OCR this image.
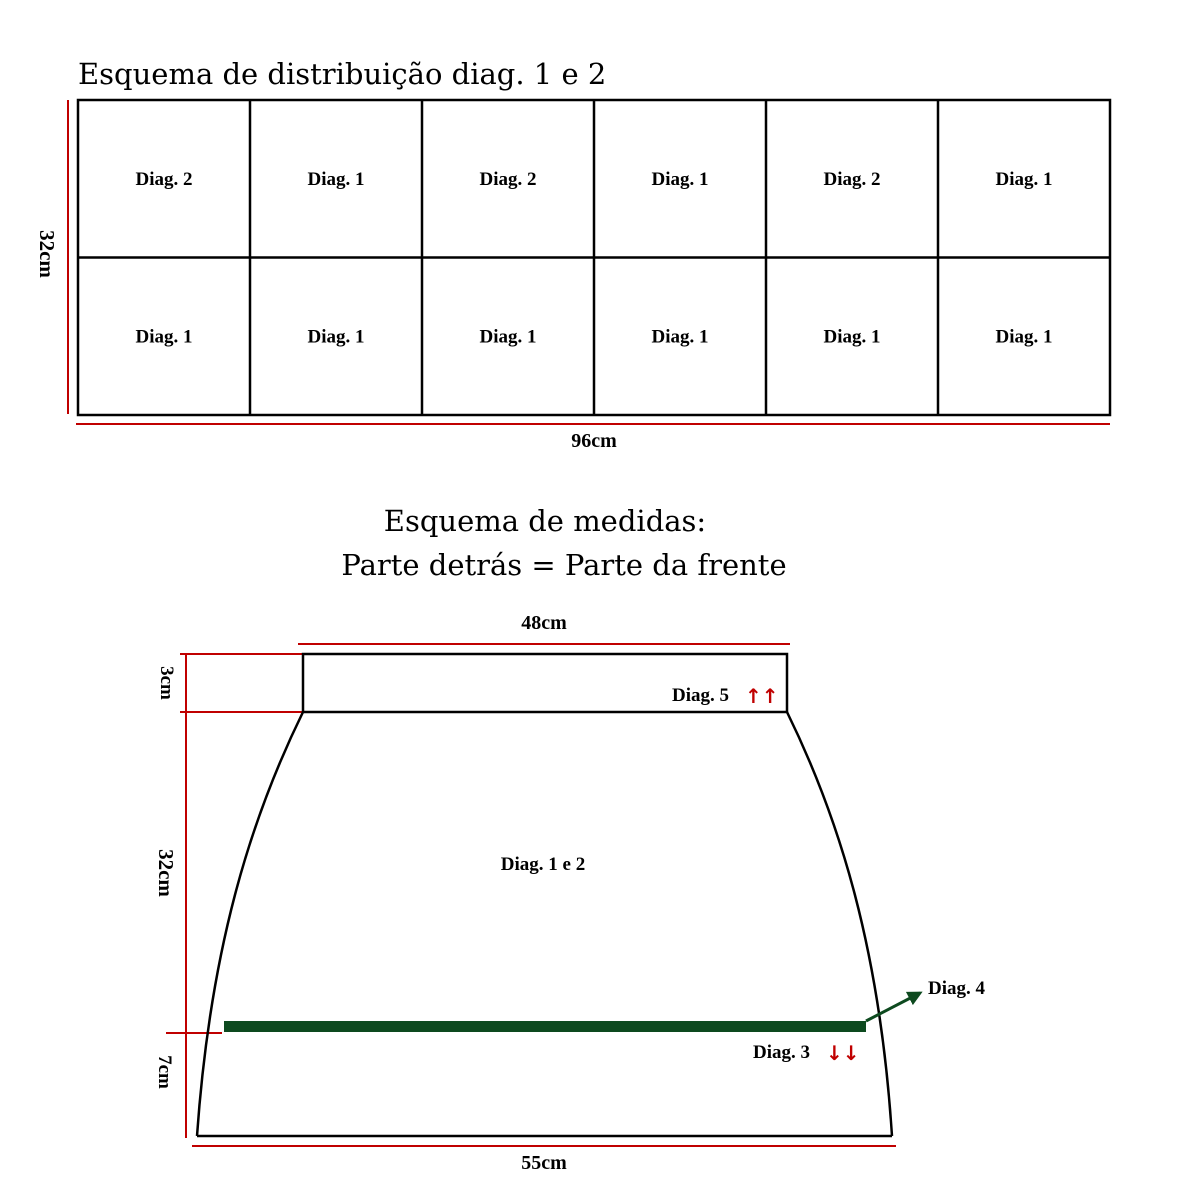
Esquema de distribuição diag. 1 e 2
32cm
Diag. 2	Diag. 1	Diag. 2	Diag. 1	Diag. 2	Diag. 1
Diag. 1	Diag. 1	Diag. 1	Diag. 1	Diag. 1	Diag. 1
96cm
Esquema de medidas:
Parte detrás = Parte da frente
48cm
3cm
32cm
7cm
Diag. 5 ↑↑
Diag. 1 e 2
Diag. 4
Diag. 3 ↓↓
55cm
